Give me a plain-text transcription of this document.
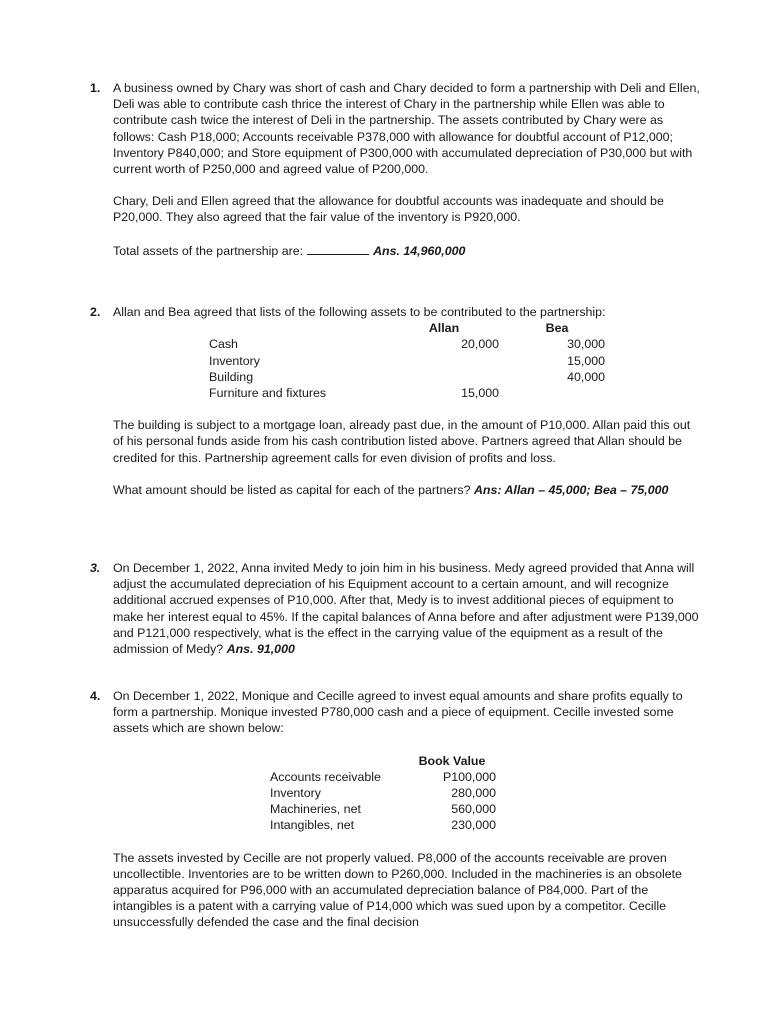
1. A business owned by Chary was short of cash and Chary decided to form a partnership with Deli and Ellen, Deli was able to contribute cash thrice the interest of Chary in the partnership while Ellen was able to contribute cash twice the interest of Deli in the partnership. The assets contributed by Chary were as follows: Cash P18,000; Accounts receivable P378,000 with allowance for doubtful account of P12,000; Inventory P840,000; and Store equipment of P300,000 with accumulated depreciation of P30,000 but with current worth of P250,000 and agreed value of P200,000.

Chary, Deli and Ellen agreed that the allowance for doubtful accounts was inadequate and should be P20,000. They also agreed that the fair value of the inventory is P920,000.

Total assets of the partnership are:	Ans. 14,960,000

2. Allan and Bea agreed that lists of the following assets to be contributed to the partnership:

	Allan	Bea
Cash	20,000	30,000
Inventory		15,000
Building		40,000
Furniture and fixtures	15,000	

The building is subject to a mortgage loan, already past due, in the amount of P10,000. Allan paid this out of his personal funds aside from his cash contribution listed above. Partners agreed that Allan should be credited for this. Partnership agreement calls for even division of profits and loss.

What amount should be listed as capital for each of the partners? Ans: Allan – 45,000; Bea – 75,000

3. On December 1, 2022, Anna invited Medy to join him in his business. Medy agreed provided that Anna will adjust the accumulated depreciation of his Equipment account to a certain amount, and will recognize additional accrued expenses of P10,000. After that, Medy is to invest additional pieces of equipment to make her interest equal to 45%. If the capital balances of Anna before and after adjustment were P139,000 and P121,000 respectively, what is the effect in the carrying value of the equipment as a result of the admission of Medy? Ans. 91,000

4. On December 1, 2022, Monique and Cecille agreed to invest equal amounts and share profits equally to form a partnership. Monique invested P780,000 cash and a piece of equipment. Cecille invested some assets which are shown below:

	Book Value
Accounts receivable	P100,000
Inventory	280,000
Machineries, net	560,000
Intangibles, net	230,000

The assets invested by Cecille are not properly valued. P8,000 of the accounts receivable are proven uncollectible. Inventories are to be written down to P260,000. Included in the machineries is an obsolete apparatus acquired for P96,000 with an accumulated depreciation balance of P84,000. Part of the intangibles is a patent with a carrying value of P14,000 which was sued upon by a competitor. Cecille unsuccessfully defended the case and the final decision
